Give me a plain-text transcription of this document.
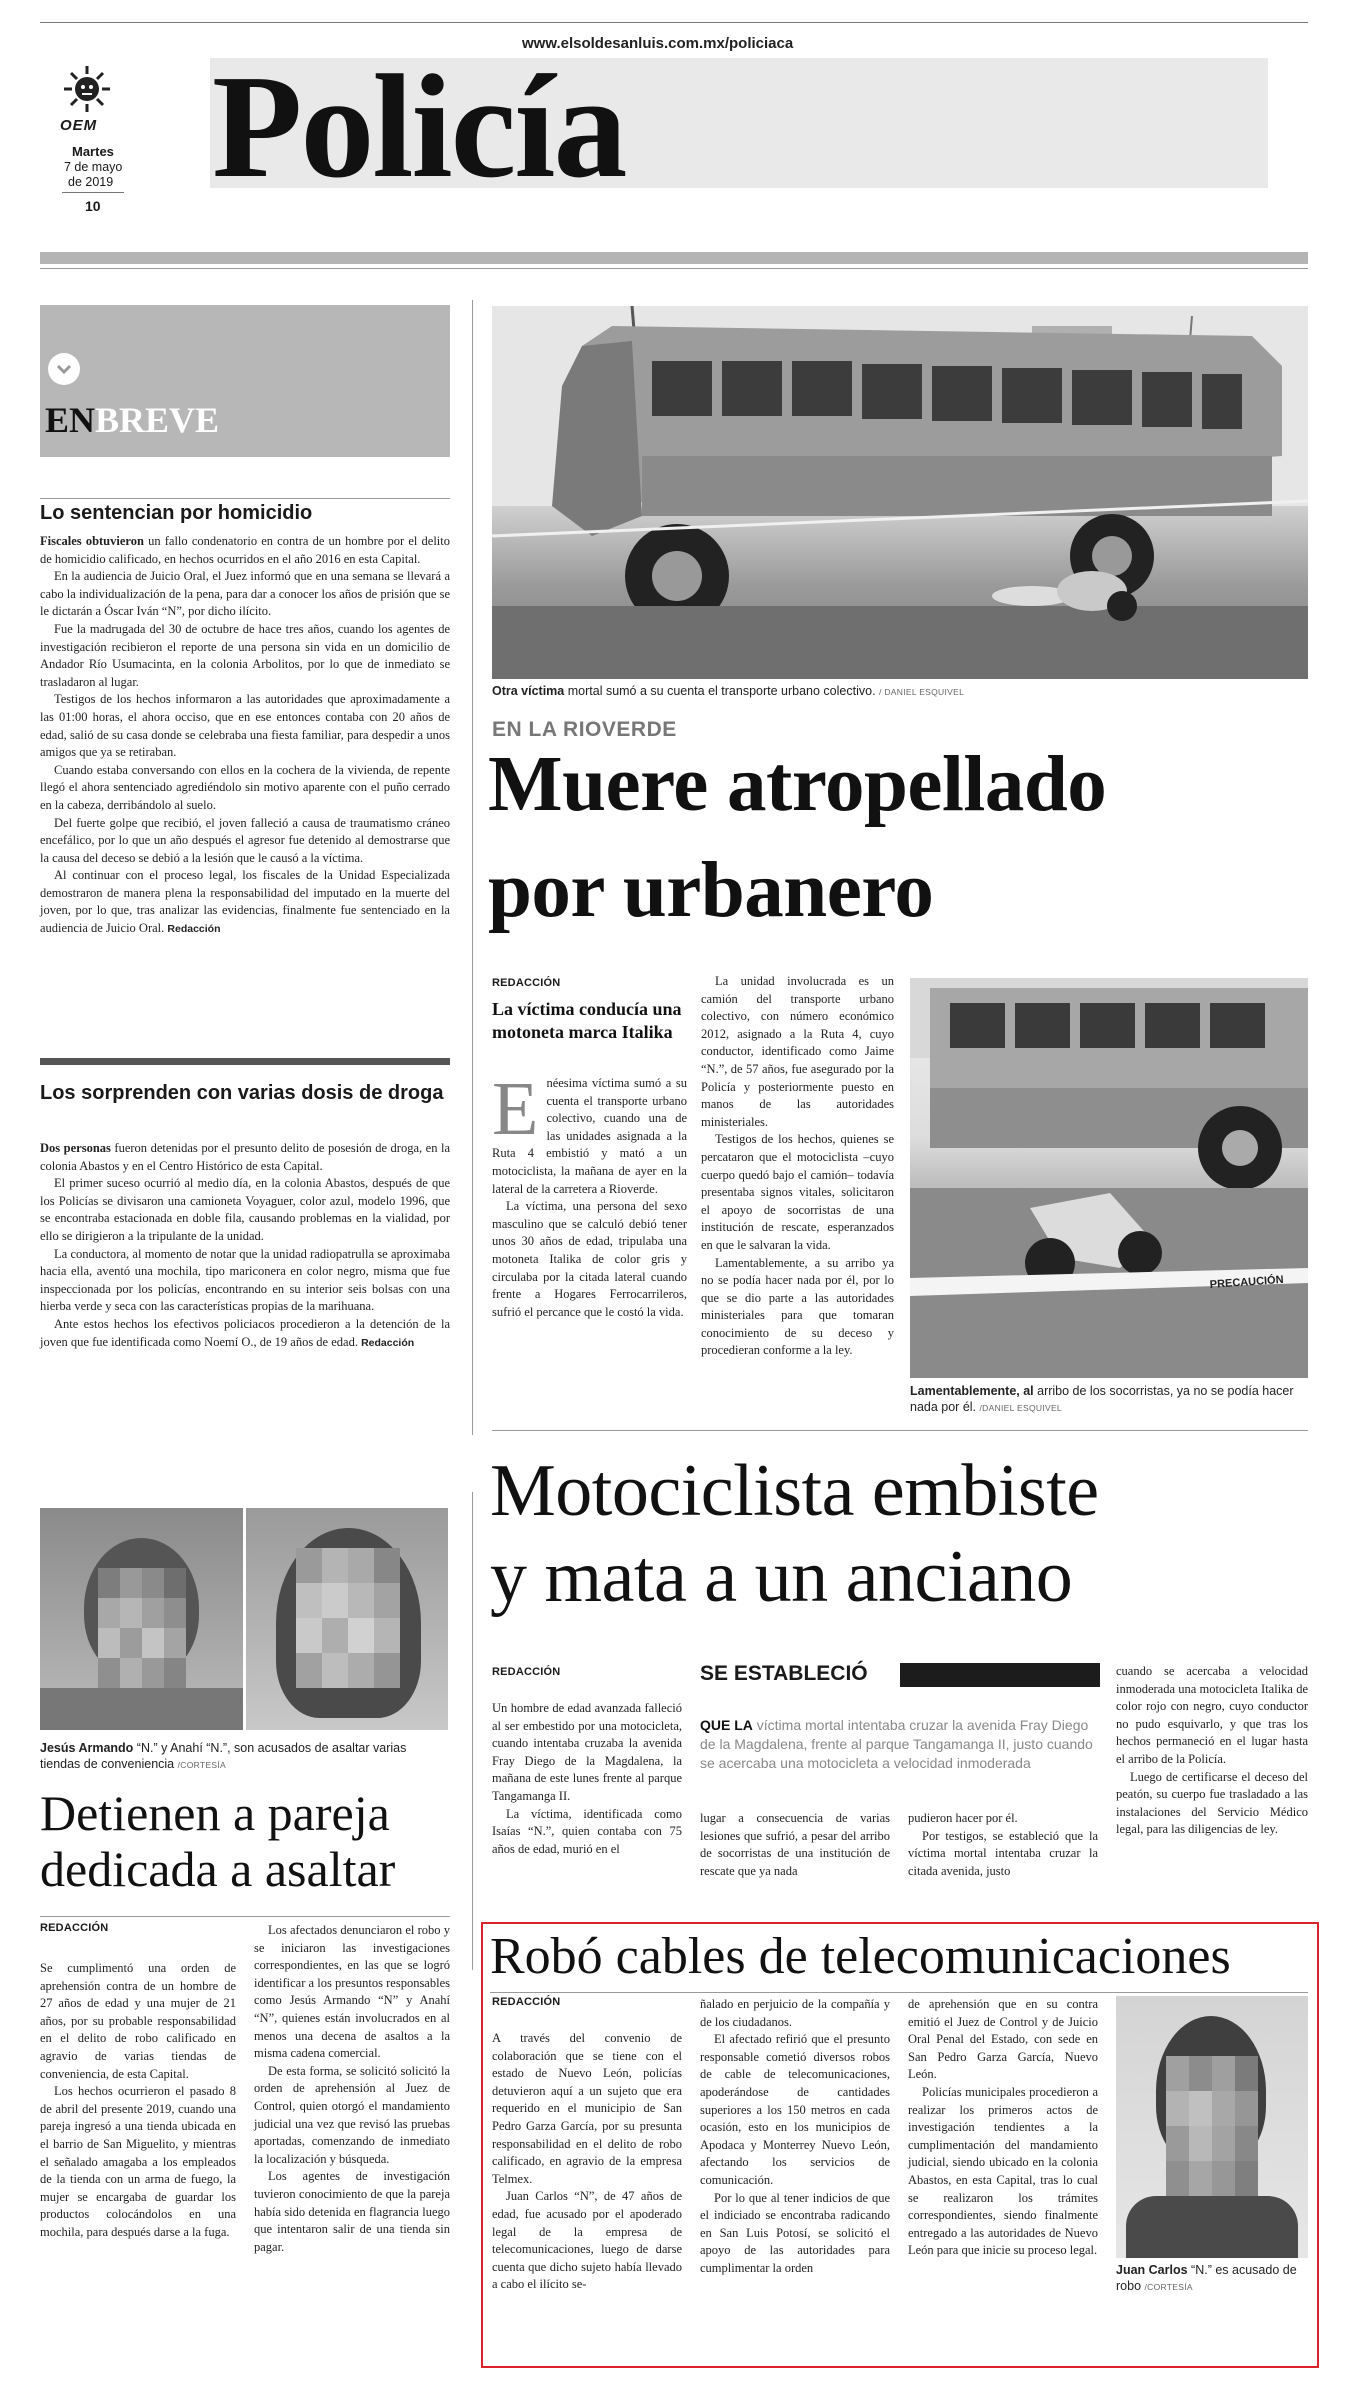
www.elsoldesanluis.com.mx/policiaca
OEM
Martes
7 de mayo
de 2019
10 Policía
ENBREVE
Lo sentencian por homicidio

Fiscales obtuvieron un fallo condenatorio en contra de un hombre por el delito de homicidio calificado, en hechos ocurridos en el año 2016 en esta Capital.

En la audiencia de Juicio Oral, el Juez informó que en una semana se llevará a cabo la individualización de la pena, para dar a conocer los años de prisión que se le dictarán a Óscar Iván “N”, por dicho ilícito.

Fue la madrugada del 30 de octubre de hace tres años, cuando los agentes de investigación recibieron el reporte de una persona sin vida en un domicilio de Andador Río Usumacinta, en la colonia Arbolitos, por lo que de inmediato se trasladaron al lugar.

Testigos de los hechos informaron a las autoridades que aproximadamente a las 01:00 horas, el ahora occiso, que en ese entonces contaba con 20 años de edad, salió de su casa donde se celebraba una fiesta familiar, para despedir a unos amigos que ya se retiraban.

Cuando estaba conversando con ellos en la cochera de la vivienda, de repente llegó el ahora sentenciado agrediéndolo sin motivo aparente con el puño cerrado en la cabeza, derribándolo al suelo.

Del fuerte golpe que recibió, el joven falleció a causa de traumatismo cráneo encefálico, por lo que un año después el agresor fue detenido al demostrarse que la causa del deceso se debió a la lesión que le causó a la víctima.

Al continuar con el proceso legal, los fiscales de la Unidad Especializada demostraron de manera plena la responsabilidad del imputado en la muerte del joven, por lo que, tras analizar las evidencias, finalmente fue sentenciado en la audiencia de Juicio Oral. Redacción

Los sorprenden con varias dosis de droga

Dos personas fueron detenidas por el presunto delito de posesión de droga, en la colonia Abastos y en el Centro Histórico de esta Capital.

El primer suceso ocurrió al medio día, en la colonia Abastos, después de que los Policías se divisaron una camioneta Voyaguer, color azul, modelo 1996, que se encontraba estacionada en doble fila, causando problemas en la vialidad, por ello se dirigieron a la tripulante de la unidad.

La conductora, al momento de notar que la unidad radiopatrulla se aproximaba hacia ella, aventó una mochila, tipo mariconera en color negro, misma que fue inspeccionada por los policías, encontrando en su interior seis bolsas con una hierba verde y seca con las características propias de la marihuana.

Ante estos hechos los efectivos policiacos procedieron a la detención de la joven que fue identificada como Noemí O., de 19 años de edad. Redacción

Jesús Armando “N.” y Anahí “N.”, son acusados de asaltar varias tiendas de conveniencia /CORTESÍA
Detienen a pareja dedicada a asaltar
REDACCIÓN

Se cumplimentó una orden de aprehensión contra de un hombre de 27 años de edad y una mujer de 21 años, por su probable responsabilidad en el delito de robo calificado en agravio de varias tiendas de conveniencia, de esta Capital.

Los hechos ocurrieron el pasado 8 de abril del presente 2019, cuando una pareja ingresó a una tienda ubicada en el barrio de San Miguelito, y mientras el señalado amagaba a los empleados de la tienda con un arma de fuego, la mujer se encargaba de guardar los productos colocándolos en una mochila, para después darse a la fuga.

Los afectados denunciaron el robo y se iniciaron las investigaciones correspondientes, en las que se logró identificar a los presuntos responsables como Jesús Armando “N” y Anahí “N”, quienes están involucrados en al menos una decena de asaltos a la misma cadena comercial.

De esta forma, se solicitó solicitó la orden de aprehensión al Juez de Control, quien otorgó el mandamiento judicial una vez que revisó las pruebas aportadas, comenzando de inmediato la localización y búsqueda.

Los agentes de investigación tuvieron conocimiento de que la pareja había sido detenida en flagrancia luego que intentaron salir de una tienda sin pagar.

Otra víctima mortal sumó a su cuenta el transporte urbano colectivo. / DANIEL ESQUIVEL
EN LA RIOVERDE
Muere atropellado
por urbanero
REDACCIÓN
La víctima conducía una motoneta marca Italika
E néesima víctima sumó a su cuenta el transporte urbano colectivo, cuando una de las unidades asignada a la Ruta 4 embistió y mató a un motociclista, la mañana de ayer en la lateral de la carretera a Rioverde.

La víctima, una persona del sexo masculino que se calculó debió tener unos 30 años de edad, tripulaba una motoneta Italika de color gris y circulaba por la citada lateral cuando frente a Hogares Ferrocarrileros, sufrió el percance que le costó la vida.

La unidad involucrada es un camión del transporte urbano colectivo, con número económico 2012, asignado a la Ruta 4, cuyo conductor, identificado como Jaime “N.”, de 57 años, fue asegurado por la Policía y posteriormente puesto en manos de las autoridades ministeriales.

Testigos de los hechos, quienes se percataron que el motociclista –cuyo cuerpo quedó bajo el camión– todavía presentaba signos vitales, solicitaron el apoyo de socorristas de una institución de rescate, esperanzados en que le salvaran la vida.

Lamentablemente, a su arribo ya no se podía hacer nada por él, por lo que se dio parte a las autoridades ministeriales para que tomaran conocimiento de su deceso y procedieran conforme a la ley.

PRECAUCIÓN
Lamentablemente, al arribo de los socorristas, ya no se podía hacer nada por él. /DANIEL ESQUIVEL
Motociclista embiste
y mata a un anciano
REDACCIÓN

Un hombre de edad avanzada falleció al ser embestido por una motocicleta, cuando intentaba cruzaba la avenida Fray Diego de la Magdalena, la mañana de este lunes frente al parque Tangamanga II.

La víctima, identificada como Isaías “N.”, quien contaba con 75 años de edad, murió en el

SE ESTABLECIÓ
QUE LA víctima mortal intentaba cruzar la avenida Fray Diego de la Magdalena, frente al parque Tangamanga II, justo cuando se acercaba una motocicleta a velocidad inmoderada

lugar a consecuencia de varias lesiones que sufrió, a pesar del arribo de socorristas de una institución de rescate que ya nada

pudieron hacer por él.

Por testigos, se estableció que la víctima mortal intentaba cruzar la citada avenida, justo

cuando se acercaba a velocidad inmoderada una motocicleta Italika de color rojo con negro, cuyo conductor no pudo esquivarlo, y que tras los hechos permaneció en el lugar hasta el arribo de la Policía.

Luego de certificarse el deceso del peatón, su cuerpo fue trasladado a las instalaciones del Servicio Médico legal, para las diligencias de ley.

Robó cables de telecomunicaciones
REDACCIÓN

A través del convenio de colaboración que se tiene con el estado de Nuevo León, policías detuvieron aquí a un sujeto que era requerido en el municipio de San Pedro Garza García, por su presunta responsabilidad en el delito de robo calificado, en agravio de la empresa Telmex.

Juan Carlos “N”, de 47 años de edad, fue acusado por el apoderado legal de la empresa de telecomunicaciones, luego de darse cuenta que dicho sujeto había llevado a cabo el ilícito se-

ñalado en perjuicio de la compañía y de los ciudadanos.

El afectado refirió que el presunto responsable cometió diversos robos de cable de telecomunicaciones, apoderándose de cantidades superiores a los 150 metros en cada ocasión, esto en los municipios de Apodaca y Monterrey Nuevo León, afectando los servicios de comunicación.

Por lo que al tener indicios de que el indiciado se encontraba radicando en San Luis Potosí, se solicitó el apoyo de las autoridades para cumplimentar la orden

de aprehensión que en su contra emitió el Juez de Control y de Juicio Oral Penal del Estado, con sede en San Pedro Garza García, Nuevo León.

Policías municipales procedieron a realizar los primeros actos de investigación tendientes a la cumplimentación del mandamiento judicial, siendo ubicado en la colonia Abastos, en esta Capital, tras lo cual se realizaron los trámites correspondientes, siendo finalmente entregado a las autoridades de Nuevo León para que inicie su proceso legal.

Juan Carlos “N.” es acusado de robo /CORTESÍA
